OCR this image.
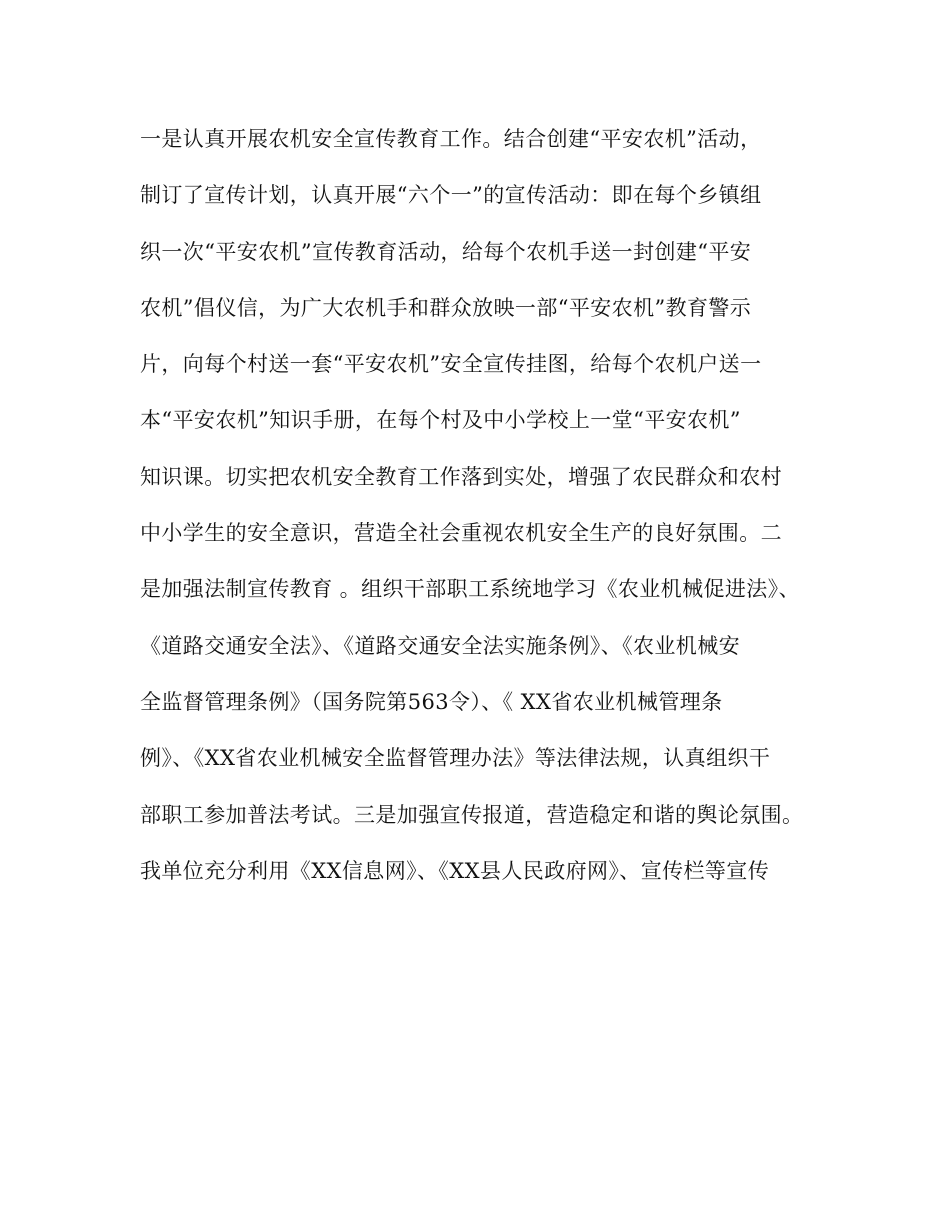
一是认真开展农机安全宣传教育工作。结合创建“平安农机”活动，
制订了宣传计划，认真开展“六个一”的宣传活动：即在每个乡镇组
织一次“平安农机”宣传教育活动，给每个农机手送一封创建“平安
农机”倡仪信，为广大农机手和群众放映一部“平安农机”教育警示
片，向每个村送一套“平安农机”安全宣传挂图，给每个农机户送一
本“平安农机”知识手册，在每个村及中小学校上一堂“平安农机”
知识课。切实把农机安全教育工作落到实处，增强了农民群众和农村
中小学生的安全意识，营造全社会重视农机安全生产的良好氛围。二
是加强法制宣传教育 。组织干部职工系统地学习《农业机械促进法》、
《道路交通安全法》、《道路交通安全法实施条例》、《农业机械安
全监督管理条例》（国务院第563令）、《 XX省农业机械管理条
例》、《XX省农业机械安全监督管理办法》等法律法规，认真组织干
部职工参加普法考试。三是加强宣传报道，营造稳定和谐的舆论氛围。
我单位充分利用《XX信息网》、《XX县人民政府网》、宣传栏等宣传
